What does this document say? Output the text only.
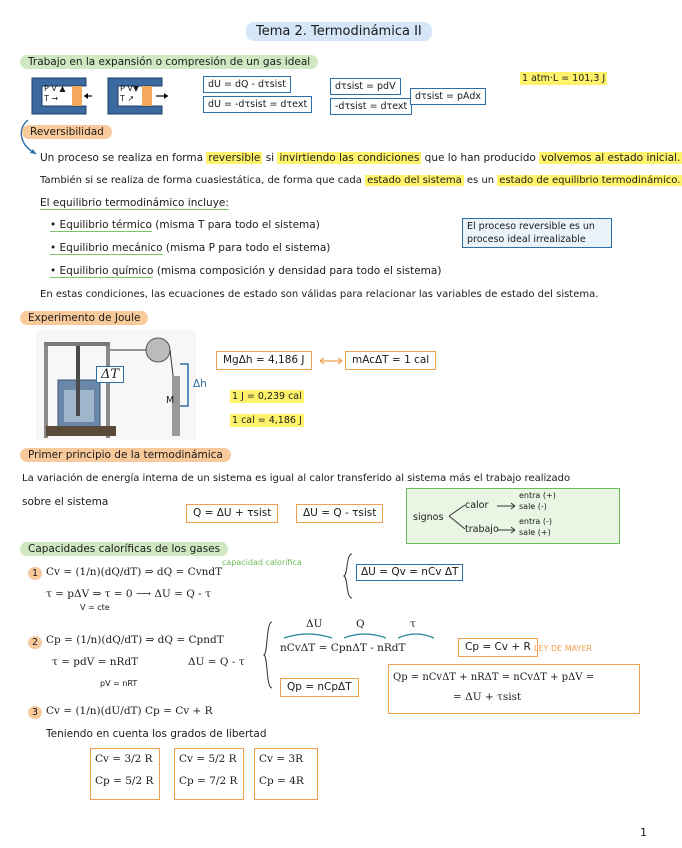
Tema 2. Termodinámica II
Trabajo en la expansión o compresión de un gas ideal
P V ▲
T →
P V▼
T ↗
dU = dQ - dτsist
dU = -dτsist = dτext
dτsist = pdV
-dτsist = dτext
dτsist = pAdx
1 atm·L = 101,3 J
Reversibilidad
Un proceso se realiza en forma reversible si invirtiendo las condiciones que lo han producido volvemos al estado inicial.
También si se realiza de forma cuasiestática, de forma que cada estado del sistema es un estado de equilibrio termodinámico.
El equilibrio termodinámico incluye:
• Equilibrio térmico (misma T para todo el sistema)
• Equilibrio mecánico (misma P para todo el sistema)
• Equilibrio químico (misma composición y densidad para todo el sistema)
El proceso reversible es un proceso ideal irrealizable
En estas condiciones, las ecuaciones de estado son válidas para relacionar las variables de estado del sistema.
Experimento de Joule
ΔT
M
Δh
MgΔh = 4,186 J	mAcΔT = 1 cal
1 J = 0,239 cal
1 cal = 4,186 J
Primer principio de la termodinámica
La variación de energía interna de un sistema es igual al calor transferido al sistema más el trabajo realizado
sobre el sistema
Q = ΔU + τsist	ΔU = Q - τsist	signos
calor
trabajo
entra (+)
sale (-)
entra (-)
sale (+)
Capacidades caloríficas de los gases
1 Cv = (1/n)(dQ/dT) ⇒ dQ = CvndT
capacidad calorífica
τ = pΔV ⇒ τ = 0 ⟶ ΔU = Q - τ
V = cte
ΔU = Qv = nCv ΔT
2 Cp = (1/n)(dQ/dT) ⇒ dQ = CpndT
τ = pdV = nRdT	ΔU = Q - τ
pV = nRT
ΔU	Q	τ
nCvΔT = CpnΔT - nRdT	Cp = Cv + R LEY DE MAYER
Qp = nCpΔT
Qp = nCvΔT + nRΔT = nCvΔT + pΔV =
= ΔU + τsist
3 Cv = (1/n)(dU/dT) Cp = Cv + R
Teniendo en cuenta los grados de libertad
Cv = 3/2 R
Cp = 5/2 R
Cv = 5/2 R
Cp = 7/2 R
Cv = 3R
Cp = 4R
1
